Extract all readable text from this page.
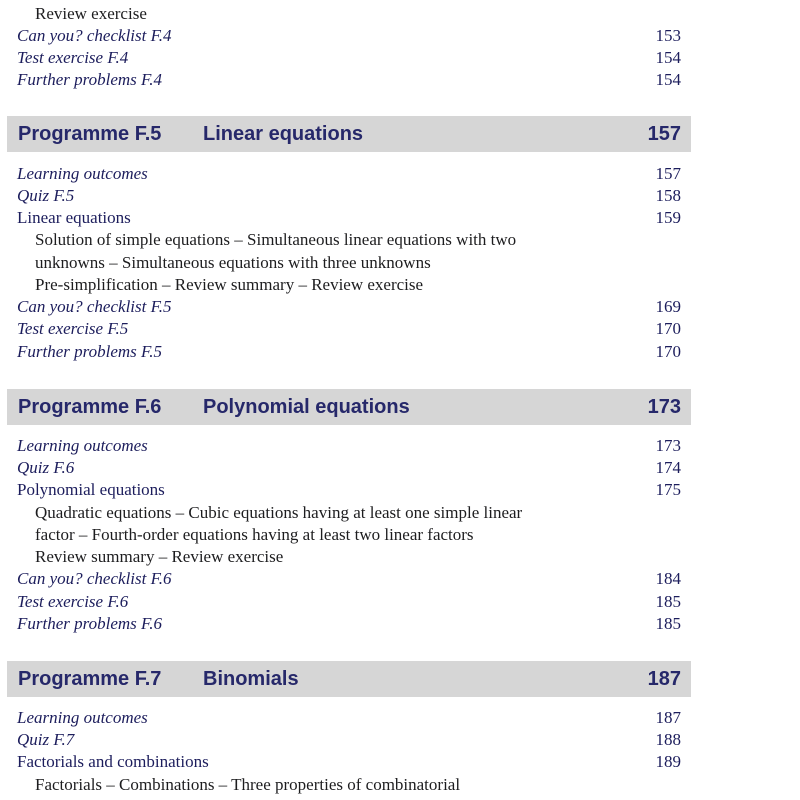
Review exercise
Can you? checklist F.4	153
Test exercise F.4	154
Further problems F.4	154
Programme F.5 Linear equations	157
Learning outcomes	157
Quiz F.5	158
Linear equations	159
Solution of simple equations – Simultaneous linear equations with two
unknowns – Simultaneous equations with three unknowns
Pre-simplification – Review summary – Review exercise
Can you? checklist F.5	169
Test exercise F.5	170
Further problems F.5	170
Programme F.6 Polynomial equations	173
Learning outcomes	173
Quiz F.6	174
Polynomial equations	175
Quadratic equations – Cubic equations having at least one simple linear
factor – Fourth-order equations having at least two linear factors
Review summary – Review exercise
Can you? checklist F.6	184
Test exercise F.6	185
Further problems F.6	185
Programme F.7 Binomials	187
Learning outcomes	187
Quiz F.7	188
Factorials and combinations	189
Factorials – Combinations – Three properties of combinatorial
